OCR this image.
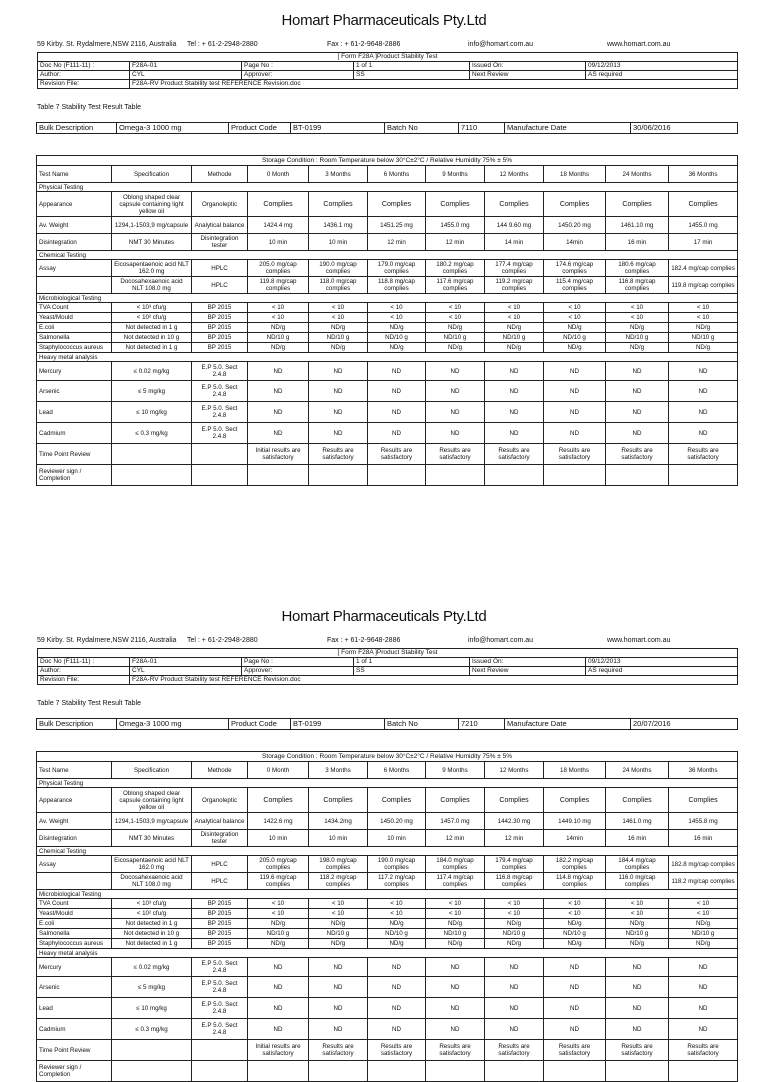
Homart Pharmaceuticals Pty.Ltd
59 Kirby. St. Rydalmere,NSW 2116, Australia Tel : + 61-2-2948-2880	Fax : + 61-2-9648-2886	info@homart.com.au	www.homart.com.au
[ Form F28A ]Product Stability Test					
Doc No (F111-11) :	F28A-01	Page No :	1 of 1	Issued On:	09/12/2013
Author:	CYL	Approver:	SS	Next Review	AS required
Revision File:	F28A-RV Product Stability test REFERENCE Revision.doc				
Table 7 Stability Test Result Table
Bulk Description	Omega-3 1000 mg	Product Code	BT-0199	Batch No	7110	Manufacture Date	30/06/2016
Storage Condition : Room Temperature below 30°C±2°C / Relative Humidity 75% ± 5%										
Test Name	Specification	Methode	0 Month	3 Months	6 Months	9 Months	12 Months	18 Months	24 Months	36 Months
Physical Testing										
Appearance	Oblong shaped clear capsule containing light yellow oil	Organoleptic	Complies	Complies	Complies	Complies	Complies	Complies	Complies	Complies
Av. Weight	1294,1-1503,9 mg/capsule	Analytical balance	1424.4 mg	1436.1 mg	1451.25 mg	1455.0 mg	144 9.60 mg	1450.20 mg	1461.10 mg	1455.0 mg
Disintegration	NMT 30 Minutes	Disintegration tester	10 min	10 min	12 min	12 min	14 min	14min	16 min	17 min
Chemical Testing										
Assay	Eicosapentaenoic acid NLT 162.0 mg	HPLC	205.0 mg/cap complies	190.0 mg/cap complies	179.0 mg/cap complies	180.2 mg/cap complies	177.4 mg/cap complies	174.6 mg/cap complies	180.6 mg/cap complies	182.4 mg/cap complies
	Docosahexaenoic acid NLT 108.0 mg	HPLC	119.8 mg/cap complies	118.0 mg/cap complies	118.8 mg/cap complies	117.6 mg/cap complies	119.2 mg/cap complies	115.4 mg/cap complies	116.8 mg/cap complies	119.8 mg/cap complies
Microbiological Testing										
TVA Count	< 10³ cfu/g	BP 2015	< 10	< 10	< 10	< 10	< 10	< 10	< 10	< 10
Yeast/Mould	< 10² cfu/g	BP 2015	< 10	< 10	< 10	< 10	< 10	< 10	< 10	< 10
E.coli	Not detected in 1 g	BP 2015	ND/g	ND/g	ND/g	ND/g	ND/g	ND/g	ND/g	ND/g
Salmonella	Not detected in 10 g	BP 2015	ND/10 g	ND/10 g	ND/10 g	ND/10 g	ND/10 g	ND/10 g	ND/10 g	ND/10 g
Staphylococcus aureus	Not detected in 1 g	BP 2015	ND/g	ND/g	ND/g	ND/g	ND/g	ND/g	ND/g	ND/g
Heavy metal analysis										
Mercury	≤ 0.02 mg/kg	E.P 5.0. Sect 2.4.8	ND	ND	ND	ND	ND	ND	ND	ND
Arsenic	≤ 5 mg/kg	E.P 5.0. Sect 2.4.8	ND	ND	ND	ND	ND	ND	ND	ND
Lead	≤ 10 mg/kg	E.P 5.0. Sect 2.4.8	ND	ND	ND	ND	ND	ND	ND	ND
Cadmium	≤ 0.3 mg/kg	E.P 5.0. Sect 2.4.8	ND	ND	ND	ND	ND	ND	ND	ND
Time Point Review			Initial results are satisfactory	Results are satisfactory	Results are satisfactory	Results are satisfactory	Results are satisfactory	Results are satisfactory	Results are satisfactory	Results are satisfactory
Reviewer sign / Completion										
Homart Pharmaceuticals Pty.Ltd
59 Kirby. St. Rydalmere,NSW 2116, Australia Tel : + 61-2-2948-2880	Fax : + 61-2-9648-2886	info@homart.com.au	www.homart.com.au
[ Form F28A ]Product Stability Test					
Doc No (F111-11) :	F28A-01	Page No :	1 of 1	Issued On:	09/12/2013
Author:	CYL	Approver:	SS	Next Review	AS required
Revision File:	F28A-RV Product Stability test REFERENCE Revision.doc				
Table 7 Stability Test Result Table
Bulk Description	Omega-3 1000 mg	Product Code	BT-0199	Batch No	7210	Manufacture Date	20/07/2016
Storage Condition : Room Temperature below 30°C±2°C / Relative Humidity 75% ± 5%										
Test Name	Specification	Methode	0 Month	3 Months	6 Months	9 Months	12 Months	18 Months	24 Months	36 Months
Physical Testing										
Appearance	Oblong shaped clear capsule containing light yellow oil	Organoleptic	Complies	Complies	Complies	Complies	Complies	Complies	Complies	Complies
Av. Weight	1294,1-1503,9 mg/capsule	Analytical balance	1422.6 mg	1434.2mg	1450.20 mg	1457.0 mg	1442.30 mg	1449.10 mg	1461.0 mg	1455.8 mg
Disintegration	NMT 30 Minutes	Disintegration tester	10 min	10 min	10 min	12 min	12 min	14min	16 min	16 min
Chemical Testing										
Assay	Eicosapentaenoic acid NLT 162.0 mg	HPLC	205.0 mg/cap complies	198.0 mg/cap complies	190.0 mg/cap complies	184.0 mg/cap complies	179.4 mg/cap complies	182.2 mg/cap complies	184.4 mg/cap complies	182.8 mg/cap complies
	Docosahexaenoic acid NLT 108.0 mg	HPLC	119.6 mg/cap complies	118.2 mg/cap complies	117.2 mg/cap complies	117.4 mg/cap complies	116.8 mg/cap complies	114.8 mg/cap complies	116.0 mg/cap complies	118.2 mg/cap complies
Microbiological Testing										
TVA Count	< 10³ cfu/g	BP 2015	< 10	< 10	< 10	< 10	< 10	< 10	< 10	< 10
Yeast/Mould	< 10² cfu/g	BP 2015	< 10	< 10	< 10	< 10	< 10	< 10	< 10	< 10
E.coli	Not detected in 1 g	BP 2015	ND/g	ND/g	ND/g	ND/g	ND/g	ND/g	ND/g	ND/g
Salmonella	Not detected in 10 g	BP 2015	ND/10 g	ND/10 g	ND/10 g	ND/10 g	ND/10 g	ND/10 g	ND/10 g	ND/10 g
Staphylococcus aureus	Not detected in 1 g	BP 2015	ND/g	ND/g	ND/g	ND/g	ND/g	ND/g	ND/g	ND/g
Heavy metal analysis										
Mercury	≤ 0.02 mg/kg	E.P 5.0. Sect 2.4.8	ND	ND	ND	ND	ND	ND	ND	ND
Arsenic	≤ 5 mg/kg	E.P 5.0. Sect 2.4.8	ND	ND	ND	ND	ND	ND	ND	ND
Lead	≤ 10 mg/kg	E.P 5.0. Sect 2.4.8	ND	ND	ND	ND	ND	ND	ND	ND
Cadmium	≤ 0.3 mg/kg	E.P 5.0. Sect 2.4.8	ND	ND	ND	ND	ND	ND	ND	ND
Time Point Review			Initial results are satisfactory	Results are satisfactory	Results are satisfactory	Results are satisfactory	Results are satisfactory	Results are satisfactory	Results are satisfactory	Results are satisfactory
Reviewer sign / Completion										
